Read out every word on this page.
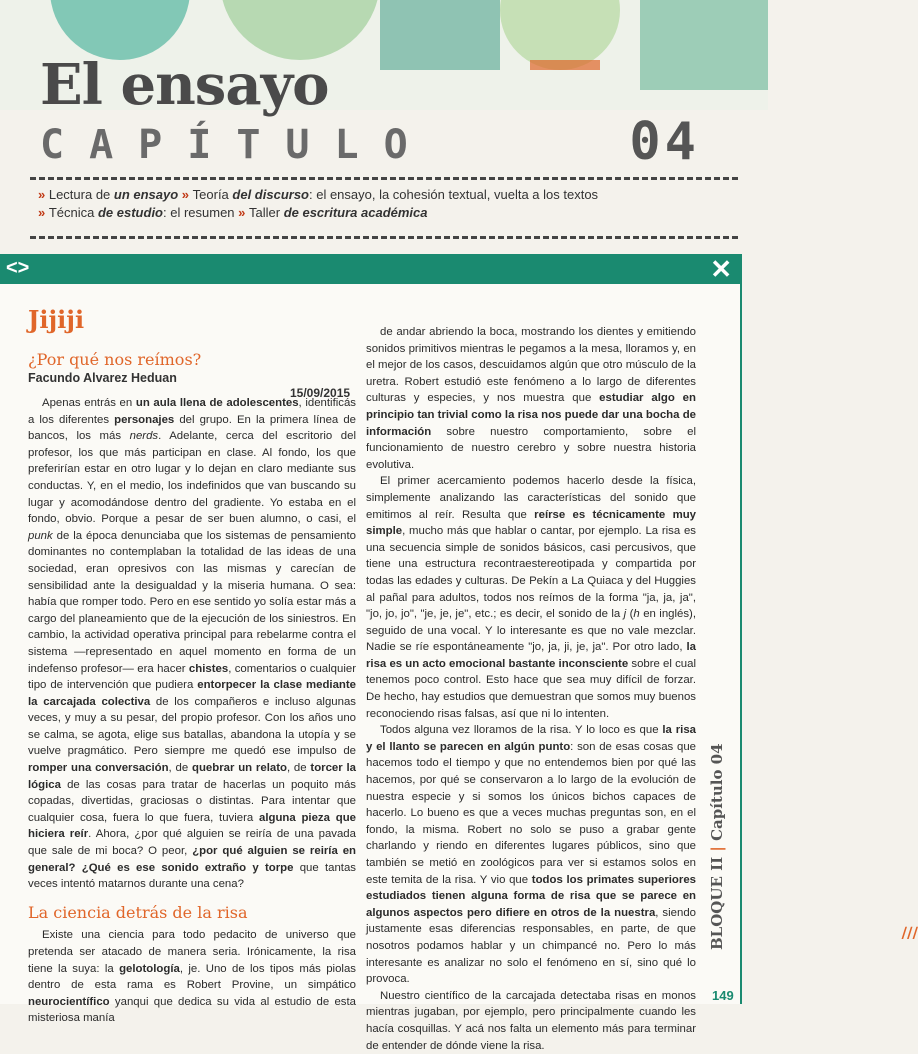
El ensayo
CAPÍTULO	04
» Lectura de un ensayo » Teoría del discurso: el ensayo, la cohesión textual, vuelta a los textos
» Técnica de estudio: el resumen » Taller de escritura académica
<>	✕
Jijiji
¿Por qué nos reímos?
Facundo Alvarez Heduan
15/09/2015

Apenas entrás en un aula llena de adolescentes, identificás a los diferentes personajes del grupo. En la primera línea de bancos, los más nerds. Adelante, cerca del escritorio del profesor, los que más participan en clase. Al fondo, los que preferirían estar en otro lugar y lo dejan en claro mediante sus conductas. Y, en el medio, los indefinidos que van buscando su lugar y acomodándose dentro del gradiente. Yo estaba en el fondo, obvio. Porque a pesar de ser buen alumno, o casi, el punk de la época denunciaba que los sistemas de pensamiento dominantes no contemplaban la totalidad de las ideas de una sociedad, eran opresivos con las mismas y carecían de sensibilidad ante la desigualdad y la miseria humana. O sea: había que romper todo. Pero en ese sentido yo solía estar más a cargo del planeamiento que de la ejecución de los siniestros. En cambio, la actividad operativa principal para rebelarme contra el sistema —representado en aquel momento en forma de un indefenso profesor— era hacer chistes, comentarios o cualquier tipo de intervención que pudiera entorpecer la clase mediante la carcajada colectiva de los compañeros e incluso algunas veces, y muy a su pesar, del propio profesor. Con los años uno se calma, se agota, elige sus batallas, abandona la utopía y se vuelve pragmático. Pero siempre me quedó ese impulso de romper una conversación, de quebrar un relato, de torcer la lógica de las cosas para tratar de hacerlas un poquito más copadas, divertidas, graciosas o distintas. Para intentar que cualquier cosa, fuera lo que fuera, tuviera alguna pieza que hiciera reír. Ahora, ¿por qué alguien se reiría de una pavada que sale de mi boca? O peor, ¿por qué alguien se reiría en general? ¿Qué es ese sonido extraño y torpe que tantas veces intentó matarnos durante una cena?

La ciencia detrás de la risa

Existe una ciencia para todo pedacito de universo que pretenda ser atacado de manera seria. Irónicamente, la risa tiene la suya: la gelotología, je. Uno de los tipos más piolas dentro de esta rama es Robert Provine, un simpático neurocientífico yanqui que dedica su vida al estudio de esta misteriosa manía

de andar abriendo la boca, mostrando los dientes y emitiendo sonidos primitivos mientras le pegamos a la mesa, lloramos y, en el mejor de los casos, descuidamos algún que otro músculo de la uretra. Robert estudió este fenómeno a lo largo de diferentes culturas y especies, y nos muestra que estudiar algo en principio tan trivial como la risa nos puede dar una bocha de información sobre nuestro comportamiento, sobre el funcionamiento de nuestro cerebro y sobre nuestra historia evolutiva.

El primer acercamiento podemos hacerlo desde la física, simplemente analizando las características del sonido que emitimos al reír. Resulta que reírse es técnicamente muy simple, mucho más que hablar o cantar, por ejemplo. La risa es una secuencia simple de sonidos básicos, casi percusivos, que tiene una estructura recontraestereotipada y compartida por todas las edades y culturas. De Pekín a La Quiaca y del Huggies al pañal para adultos, todos nos reímos de la forma "ja, ja, ja", "jo, jo, jo", "je, je, je", etc.; es decir, el sonido de la j (h en inglés), seguido de una vocal. Y lo interesante es que no vale mezclar. Nadie se ríe espontáneamente "jo, ja, ji, je, ja". Por otro lado, la risa es un acto emocional bastante inconsciente sobre el cual tenemos poco control. Esto hace que sea muy difícil de forzar. De hecho, hay estudios que demuestran que somos muy buenos reconociendo risas falsas, así que ni lo intenten.

Todos alguna vez lloramos de la risa. Y lo loco es que la risa y el llanto se parecen en algún punto: son de esas cosas que hacemos todo el tiempo y que no entendemos bien por qué las hacemos, por qué se conservaron a lo largo de la evolución de nuestra especie y si somos los únicos bichos capaces de hacerlo. Lo bueno es que a veces muchas preguntas son, en el fondo, la misma. Robert no solo se puso a grabar gente charlando y riendo en diferentes lugares públicos, sino que también se metió en zoológicos para ver si estamos solos en este temita de la risa. Y vio que todos los primates superiores estudiados tienen alguna forma de risa que se parece en algunos aspectos pero difiere en otros de la nuestra, siendo justamente esas diferencias responsables, en parte, de que nosotros podamos hablar y un chimpancé no. Pero lo más interesante es analizar no solo el fenómeno en sí, sino qué lo provoca.

Nuestro científico de la carcajada detectaba risas en monos mientras jugaban, por ejemplo, pero principalmente cuando les hacía cosquillas. Y acá nos falta un elemento más para terminar de entender de dónde viene la risa.

///
BLOQUE II | Capítulo 04
149
